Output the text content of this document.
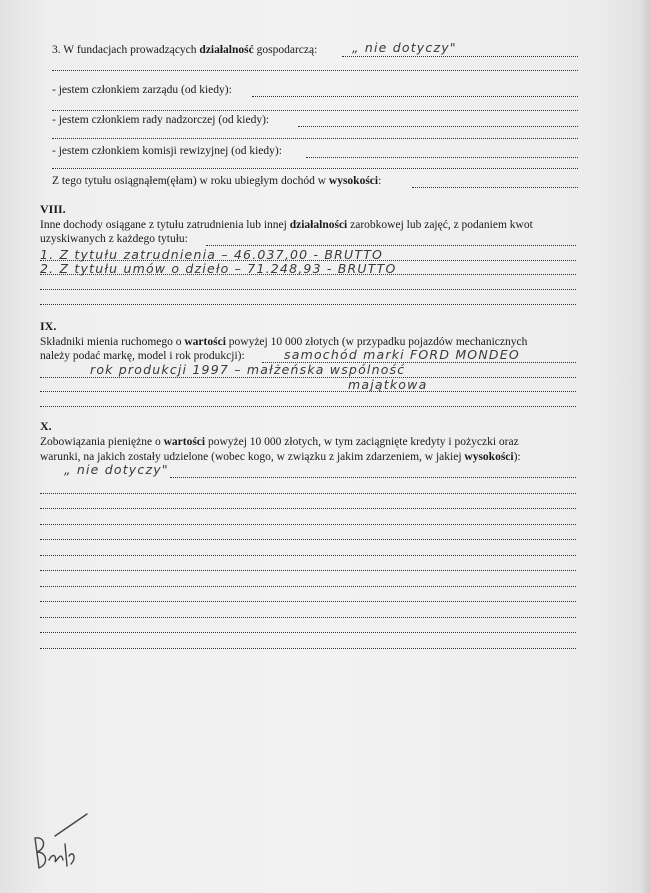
3. W fundacjach prowadzących działalność gospodarczą:	„ nie dotyczy"
- jestem członkiem zarządu (od kiedy):
- jestem członkiem rady nadzorczej (od kiedy):
- jestem członkiem komisji rewizyjnej (od kiedy):
Z tego tytułu osiągnąłem(ęłam) w roku ubiegłym dochód w wysokości:
VIII.
Inne dochody osiągane z tytułu zatrudnienia lub innej działalności zarobkowej lub zajęć, z podaniem kwot
uzyskiwanych z każdego tytułu:
1. Z tytułu zatrudnienia – 46.037,00 - BRUTTO
2. Z tytułu umów o dzieło – 71.248,93 - BRUTTO
IX.
Składniki mienia ruchomego o wartości powyżej 10 000 złotych (w przypadku pojazdów mechanicznych
należy podać markę, model i rok produkcji):	samochód marki FORD MONDEO
rok produkcji 1997 – małżeńska wspólność
majątkowa
X.
Zobowiązania pieniężne o wartości powyżej 10 000 złotych, w tym zaciągnięte kredyty i pożyczki oraz
warunki, na jakich zostały udzielone (wobec kogo, w związku z jakim zdarzeniem, w jakiej wysokości):
„ nie dotyczy"
